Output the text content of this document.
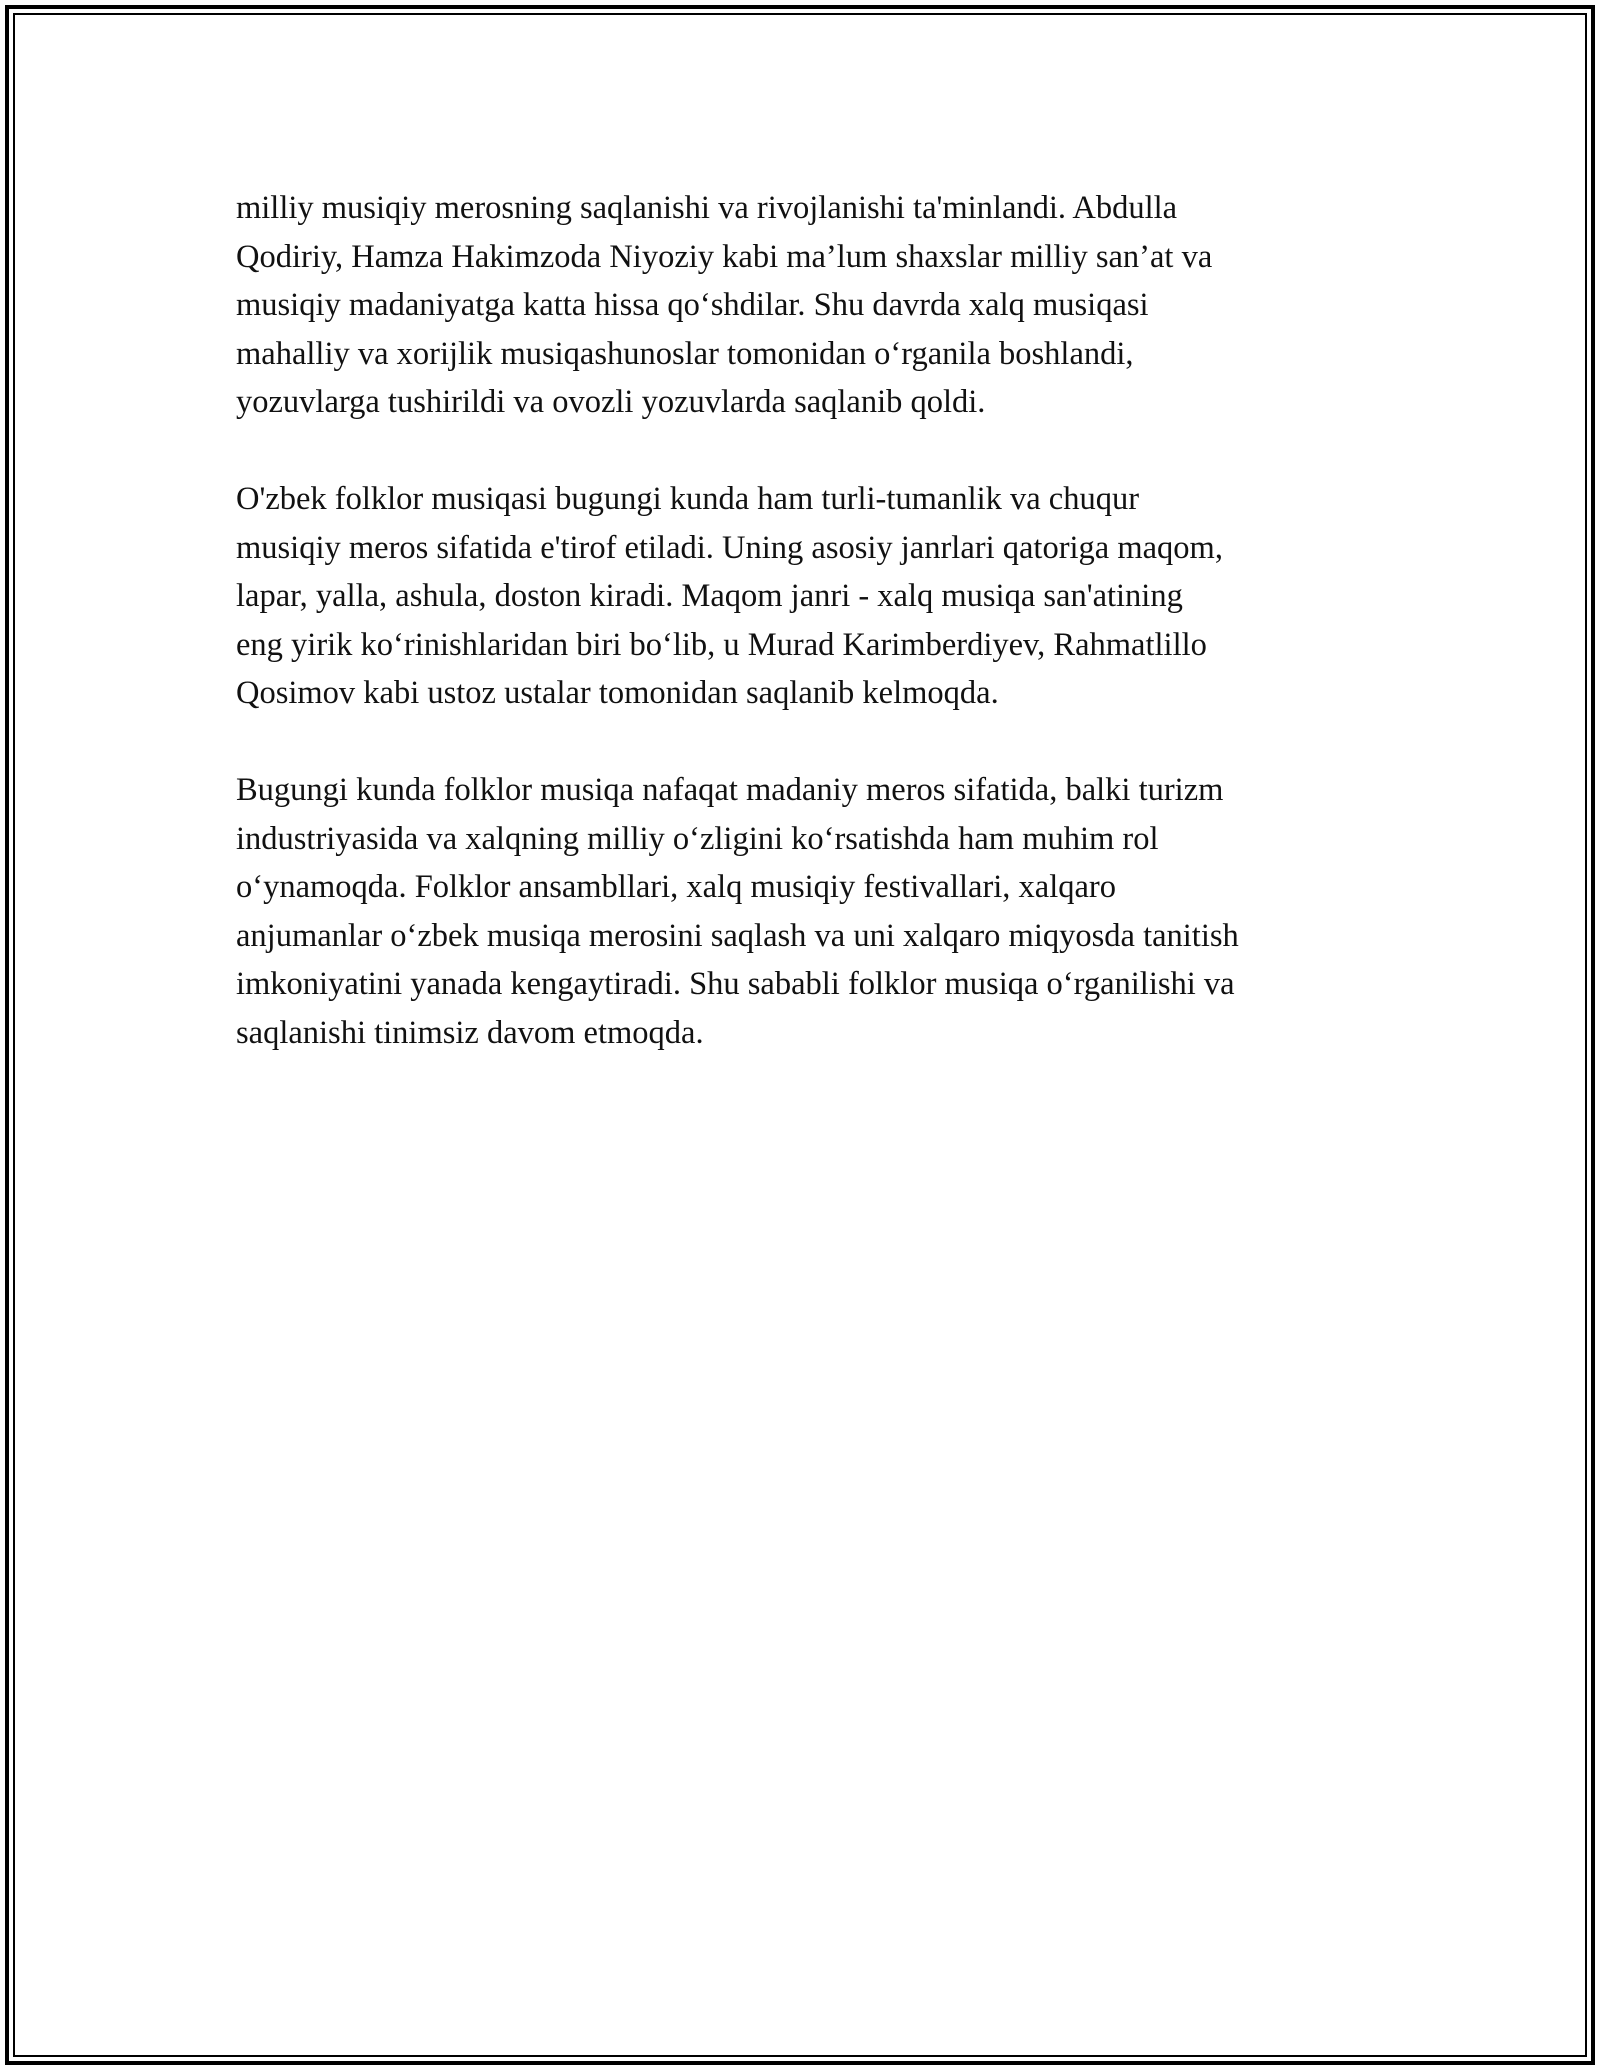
milliy musiqiy merosning saqlanishi va rivojlanishi ta'minlandi. Abdulla
Qodiriy, Hamza Hakimzoda Niyoziy kabi ma’lum shaxslar milliy san’at va
musiqiy madaniyatga katta hissa qo‘shdilar. Shu davrda xalq musiqasi
mahalliy va xorijlik musiqashunoslar tomonidan o‘rganila boshlandi,
yozuvlarga tushirildi va ovozli yozuvlarda saqlanib qoldi.

O'zbek folklor musiqasi bugungi kunda ham turli-tumanlik va chuqur
musiqiy meros sifatida e'tirof etiladi. Uning asosiy janrlari qatoriga maqom,
lapar, yalla, ashula, doston kiradi. Maqom janri - xalq musiqa san'atining
eng yirik ko‘rinishlaridan biri bo‘lib, u Murad Karimberdiyev, Rahmatlillo
Qosimov kabi ustoz ustalar tomonidan saqlanib kelmoqda.

Bugungi kunda folklor musiqa nafaqat madaniy meros sifatida, balki turizm
industriyasida va xalqning milliy o‘zligini ko‘rsatishda ham muhim rol
o‘ynamoqda. Folklor ansambllari, xalq musiqiy festivallari, xalqaro
anjumanlar o‘zbek musiqa merosini saqlash va uni xalqaro miqyosda tanitish
imkoniyatini yanada kengaytiradi. Shu sababli folklor musiqa o‘rganilishi va
saqlanishi tinimsiz davom etmoqda.
